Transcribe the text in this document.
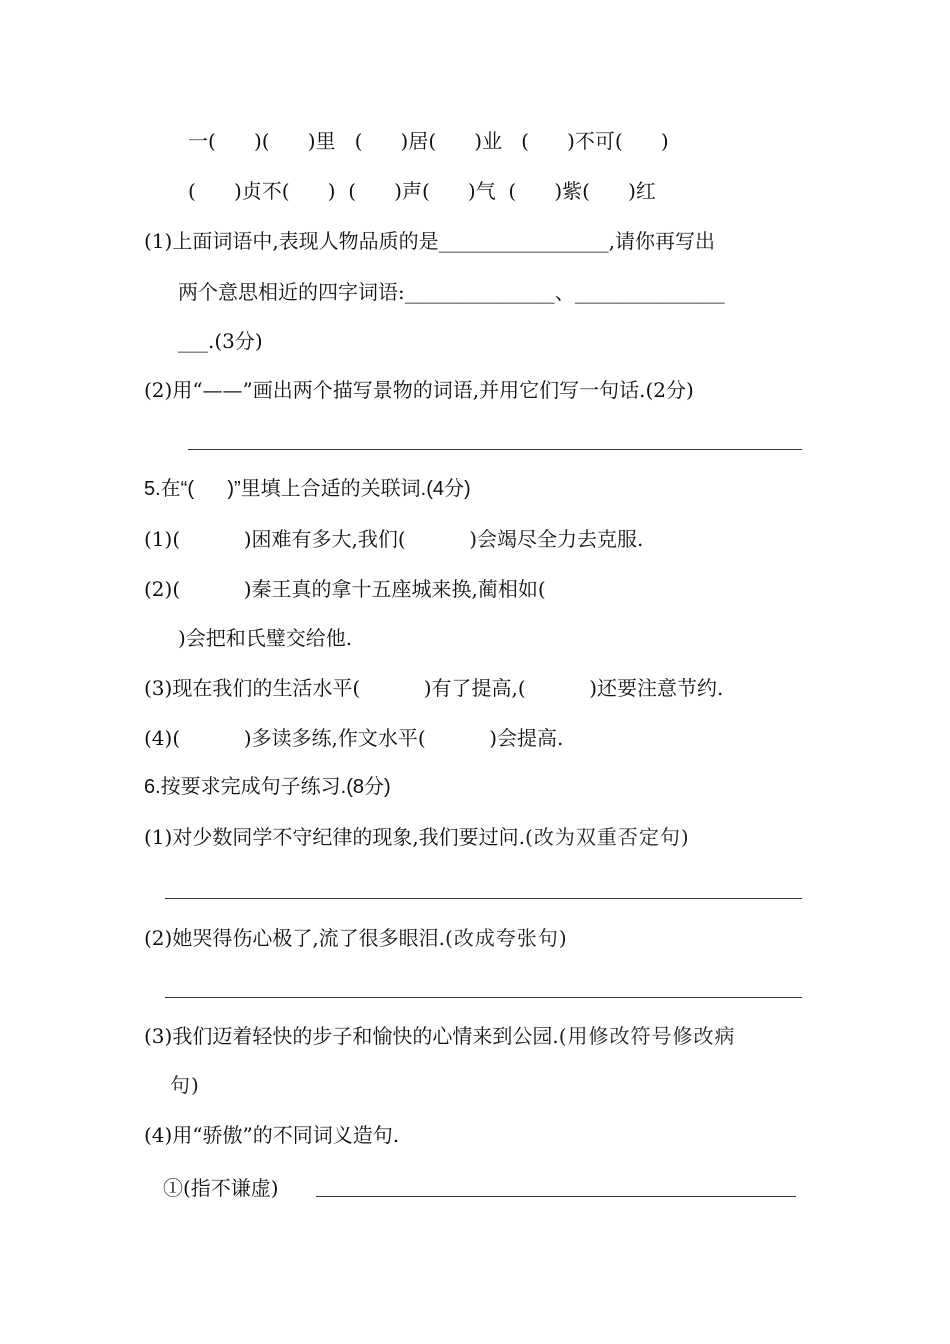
一(      )(      )里   (      )居(      )业   (      )不可(      )
(      )贞不(      )  (      )声(      )气  (      )紫(      )红
(1)上面词语中,表现人物品质的是_________________,请你再写出
两个意思相近的四字词语:_______________、_______________
___.(3分)
(2)用“——”画出两个描写景物的词语,并用它们写一句话.(2分)
5.在“(      )”里填上合适的关联词.(4分)
(1)(          )困难有多大,我们(          )会竭尽全力去克服.
(2)(          )秦王真的拿十五座城来换,蔺相如(
)会把和氏璧交给他.
(3)现在我们的生活水平(          )有了提高,(          )还要注意节约.
(4)(          )多读多练,作文水平(          )会提高.
6.按要求完成句子练习.(8分)
(1)对少数同学不守纪律的现象,我们要过问.(改为双重否定句)
(2)她哭得伤心极了,流了很多眼泪.(改成夸张句)
(3)我们迈着轻快的步子和愉快的心情来到公园.(用修改符号修改病
句)
(4)用“骄傲”的不同词义造句.
①(指不谦虚)
